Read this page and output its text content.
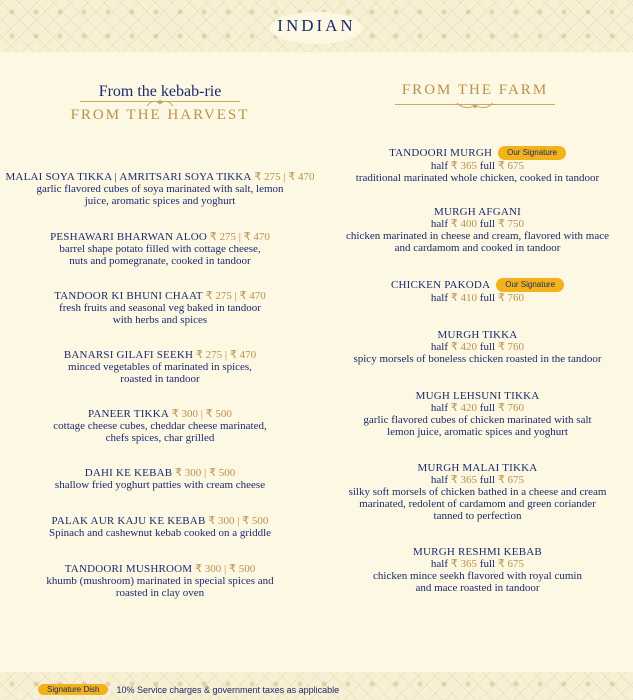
INDIAN
From the kebab-rie
FROM THE HARVEST
FROM THE FARM
MALAI SOYA TIKKA | AMRITSARI SOYA TIKKA ₹ 275 | ₹ 470
garlic flavored cubes of soya marinated with salt, lemon
juice, aromatic spices and yoghurt
PESHAWARI BHARWAN ALOO ₹ 275 | ₹ 470
barrel shape potato filled with cottage cheese,
nuts and pomegranate, cooked in tandoor
TANDOOR KI BHUNI CHAAT ₹ 275 | ₹ 470
fresh fruits and seasonal veg baked in tandoor
with herbs and spices
BANARSI GILAFI SEEKH ₹ 275 | ₹ 470
minced vegetables of marinated in spices,
roasted in tandoor
PANEER TIKKA ₹ 300 | ₹ 500
cottage cheese cubes, cheddar cheese marinated,
chefs spices, char grilled
DAHI KE KEBAB ₹ 300 | ₹ 500
shallow fried yoghurt patties with cream cheese
PALAK AUR KAJU KE KEBAB ₹ 300 | ₹ 500
Spinach and cashewnut kebab cooked on a griddle
TANDOORI MUSHROOM ₹ 300 | ₹ 500
khumb (mushroom) marinated in special spices and
roasted in clay oven
TANDOORI MURGH Our Signature
half ₹ 365 full ₹ 675
traditional marinated whole chicken, cooked in tandoor
MURGH AFGANI
half ₹ 400 full ₹ 750
chicken marinated in cheese and cream, flavored with mace
and cardamom and cooked in tandoor
CHICKEN PAKODA Our Signature
half ₹ 410 full ₹ 760
MURGH TIKKA
half ₹ 420 full ₹ 760
spicy morsels of boneless chicken roasted in the tandoor
MUGH LEHSUNI TIKKA
half ₹ 420 full ₹ 760
garlic flavored cubes of chicken marinated with salt
lemon juice, aromatic spices and yoghurt
MURGH MALAI TIKKA
half ₹ 365 full ₹ 675
silky soft morsels of chicken bathed in a cheese and cream
marinated, redolent of cardamom and green coriander
tanned to perfection
MURGH RESHMI KEBAB
half ₹ 365 full ₹ 675
chicken mince seekh flavored with royal cumin
and mace roasted in tandoor
Signature Dish 10% Service charges & government taxes as applicable
